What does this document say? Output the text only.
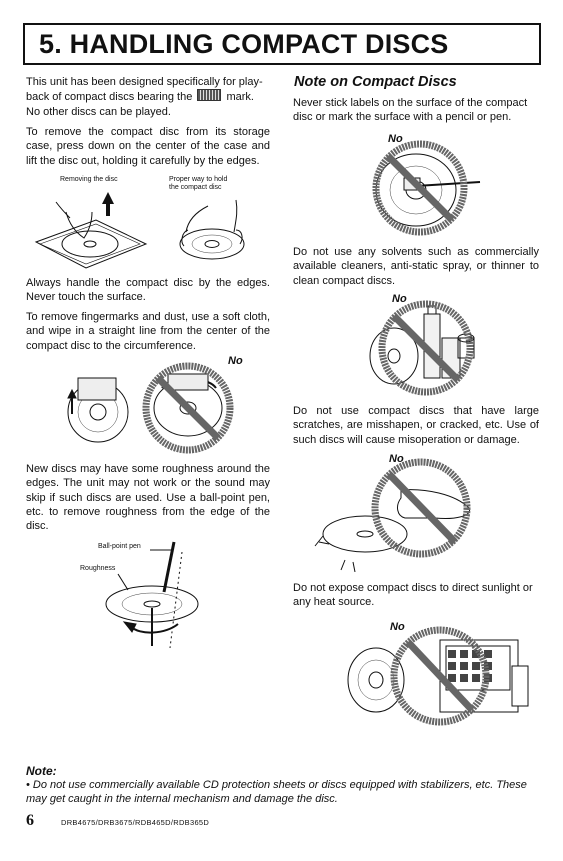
5. HANDLING COMPACT DISCS

This unit has been designed specifically for play-back of compact discs bearing the	mark. No other discs can be played.

To remove the compact disc from its storage case, press down on the center of the case and lift the disc out, holding it carefully by the edges.

Removing the disc	Proper way to hold
the compact disc

Always handle the compact disc by the edges. Never touch the surface.

To remove fingermarks and dust, use a soft cloth, and wipe in a straight line from the center of the compact disc to the circumference.

No

New discs may have some roughness around the edges. The unit may not work or the sound may skip if such discs are used. Use a ball-point pen, etc. to remove roughness from the edge of the disc.

Ball-point pen
Roughness
Note on Compact Discs

Never stick labels on the surface of the compact disc or mark the surface with a pencil or pen.

No

Do not use any solvents such as commercially available cleaners, anti-static spray, or thinner to clean compact discs.

No

Do not use compact discs that have large scratches, are misshapen, or cracked, etc. Use of such discs will cause misoperation or damage.

No

Do not expose compact discs to direct sunlight or any heat source.

No
Note:
• Do not use commercially available CD protection sheets or discs equipped with stabilizers, etc. These may get caught in the internal mechanism and damage the disc.
6	DRB4675/DRB3675/RDB465D/RDB365D
